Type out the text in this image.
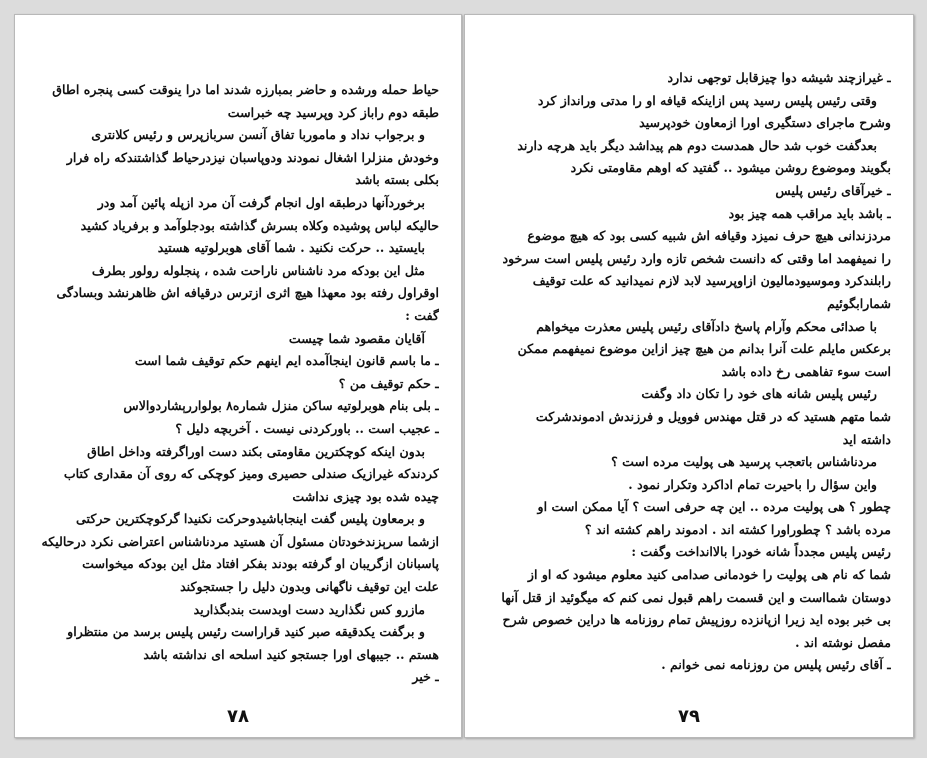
حیاط حمله ورشده و حاضر بمبارزه شدند اما درا ینوقت کسی پنجره اطاق
طبقه دوم راباز کرد وپرسید چه خبراست
و برجواب نداد و ماموربا تفاق آنسن سربازپرس و رئیس کلانتری
وخودش منزلرا اشغال نمودند ودوپاسبان نیزدرحیاط گذاشتندکه راه فرار
بکلی بسته باشد
برخوردآنها درطبقه اول انجام گرفت آن مرد ازپله پائین آمد ودر
حالیکه لباس پوشیده وکلاه بسرش گذاشته بودجلوآمد و برفرياد کشید
بایستید .. حرکت نکنید . شما آقای هوبرلوتیه هستید
مثل این بودکه مرد ناشناس ناراحت شده ، پنجلوله رولور بطرف
اوقراول رفته بود معهذا هیچ اثری ازترس درقیافه اش ظاهرنشد وبسادگی
گفت :
آقایان مقصود شما چیست
ـ ما باسم قانون اینجاآمده ایم اینهم حکم توقیف شما است
ـ حکم توقیف من ؟
ـ بلی بنام هوبرلوتیه ساکن منزل شماره۸ بولواررېشاردوالاس
ـ عجیب است .. باورکردنی نیست . آخربچه دلیل ؟
بدون اینکه کوچکترین مقاومتی بکند دست اوراگرفته وداخل اطاق
کردندکه غیرازیک صندلی حصیری ومیز کوچکی که روی آن مقداری کتاب
چیده شده بود چیزی نداشت
و برمعاون پلیس گفت اینجاباشیدوحرکت نکنیدا گرکوچکترین حرکتی
ازشما سرېزندخودتان مسئول آن هستید مردناشناس اعتراضی نکرد درحالیکه
پاسبانان ازگریبان او گرفته بودند بفکر افتاد مثل این بودکه میخواست
علت این توقیف ناگهانی وبدون دلیل را جستجوکند
مازرو کس نگذارید دست اوبدست بندبگذارید
و برگفت یکدقیقه صبر کنید قراراست رئیس پلیس برسد من منتظراو
هستم .. جیبهای اورا جستجو کنید اسلحه ای نداشته باشد
ـ خير
۷۸
ـ غیرازچند شیشه دوا چیزقابل توجهی ندارد
وقتی رئیس پلیس رسید پس ازاینکه قیافه او را مدتی ورانداز کرد
وشرح ماجرای دستگیری اورا ازمعاون خودپرسید
بعدگفت خوب شد حال همدست دوم هم پیداشد دیگر باید هرچه دارند
بگویند وموضوع روشن میشود .. گفتید که اوهم مقاومتی نکرد
ـ خیرآقای رئیس پلیس
ـ باشد باید مراقب همه چیز بود
مردزندانی هیچ حرف نمیزد وقیافه اش شبیه کسی بود که هیچ موضوع
را نمیفهمد اما وقتی که دانست شخص تازه وارد رئیس پلیس است سرخود
رابلندکرد وموسیودمالیون ازاوپرسید لابد لازم نمیدانید که علت توقیف
شمارابگوئیم
با صدائی محکم وآرام پاسخ دادآقای رئیس پلیس معذرت میخواهم
برعکس مایلم علت آنرا بدانم من هیچ چیز ازاین موضوع نمیفهمم ممکن
است سوء تفاهمی رخ داده باشد
رئیس پلیس شانه های خود را تکان داد وگفت
شما متهم هستید که در قتل مهندس فوویل و فرزندش ادموندشرکت
داشته اید
مردناشناس باتعجب پرسید هی پولیت مرده است ؟
واین سؤال را باحیرت تمام اداکرد وتکرار نمود .
چطور ؟ هی پولیت مرده .. این چه حرفی است ؟ آیا ممکن است او
مرده باشد ؟ چطوراورا کشته اند . ادموند راهم کشته اند ؟
رئیس پلیس مجدداً شانه خودرا بالاانداخت وگفت :
شما که نام هی پولیت را خودمانی صدامی کنید معلوم میشود که او از
دوستان شمااست و این قسمت راهم قبول نمی کنم که میگوئید از قتل آنها
بی خبر بوده اید زیرا ازپانزده روزپیش تمام روزنامه ها دراین خصوص شرح
مفصل نوشته اند .
ـ آقای رئیس پلیس من روزنامه نمی خوانم .
۷۹
